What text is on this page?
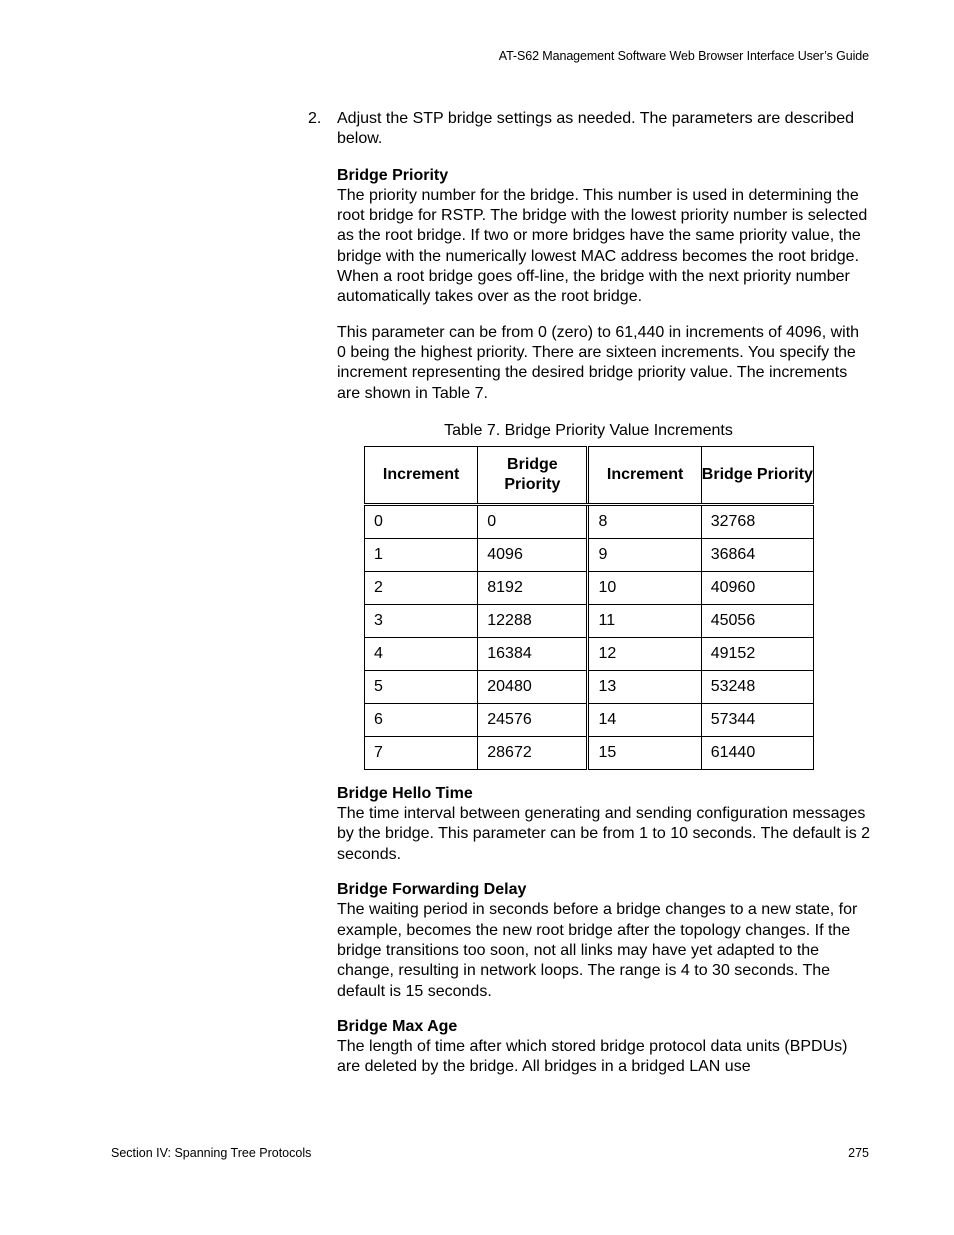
AT-S62 Management Software Web Browser Interface User’s Guide
2. Adjust the STP bridge settings as needed. The parameters are described below.

Bridge Priority

The priority number for the bridge. This number is used in determining the root bridge for RSTP. The bridge with the lowest priority number is selected as the root bridge. If two or more bridges have the same priority value, the bridge with the numerically lowest MAC address becomes the root bridge. When a root bridge goes off-line, the bridge with the next priority number automatically takes over as the root bridge.

This parameter can be from 0 (zero) to 61,440 in increments of 4096, with 0 being the highest priority. There are sixteen increments. You specify the increment representing the desired bridge priority value. The increments are shown in Table 7.

Table 7. Bridge Priority Value Increments
Increment	Bridge Priority	Increment	Bridge Priority
0	0	8	32768
1	4096	9	36864
2	8192	10	40960
3	12288	11	45056
4	16384	12	49152
5	20480	13	53248
6	24576	14	57344
7	28672	15	61440

Bridge Hello Time

The time interval between generating and sending configuration messages by the bridge. This parameter can be from 1 to 10 seconds. The default is 2 seconds.

Bridge Forwarding Delay

The waiting period in seconds before a bridge changes to a new state, for example, becomes the new root bridge after the topology changes. If the bridge transitions too soon, not all links may have yet adapted to the change, resulting in network loops. The range is 4 to 30 seconds. The default is 15 seconds.

Bridge Max Age

The length of time after which stored bridge protocol data units (BPDUs) are deleted by the bridge. All bridges in a bridged LAN use

Section IV: Spanning Tree Protocols	275
